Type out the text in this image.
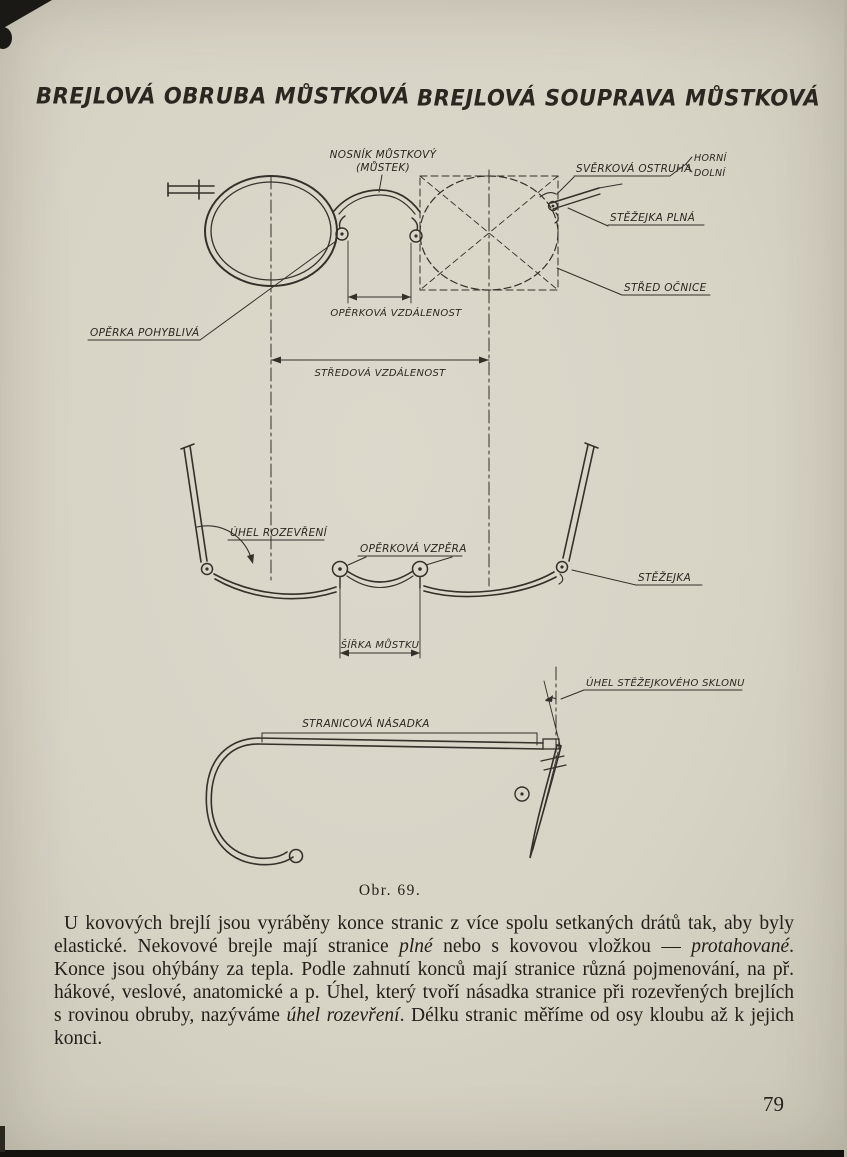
BREJLOVÁ OBRUBA MŮSTKOVÁ BREJLOVÁ SOUPRAVA MŮSTKOVÁ
NOSNÍK MŮSTKOVÝ
(MŮSTEK)	SVĚRKOVÁ OSTRUHA
HORNÍ
DOLNÍ
STĚŽEJKA PLNÁ
STŘED OČNICE
OPĚRKOVÁ VZDÁLENOST
OPĚRKA POHYBLIVÁ
STŘEDOVÁ VZDÁLENOST
ÚHEL ROZEVŘENÍ
OPĚRKOVÁ VZPĚRA
STĚŽEJKA
ŠÍŘKA MŮSTKU
ÚHEL STĚŽEJKOVÉHO SKLONU
STRANICOVÁ NÁSADKA
Obr. 69.

U kovových brejlí jsou vyráběny konce stranic z více spolu setkaných drátů tak, aby byly elastické. Nekovové brejle mají stranice plné nebo s kovovou vložkou — protahované. Konce jsou ohýbány za tepla. Podle zahnutí konců mají stranice různá pojmenování, na př. hákové, veslové, anatomické a p. Úhel, který tvoří násadka stranice při rozevřených brejlích s rovinou obruby, nazýváme úhel rozevření. Délku stranic měříme od osy kloubu až k jejich konci.

79
